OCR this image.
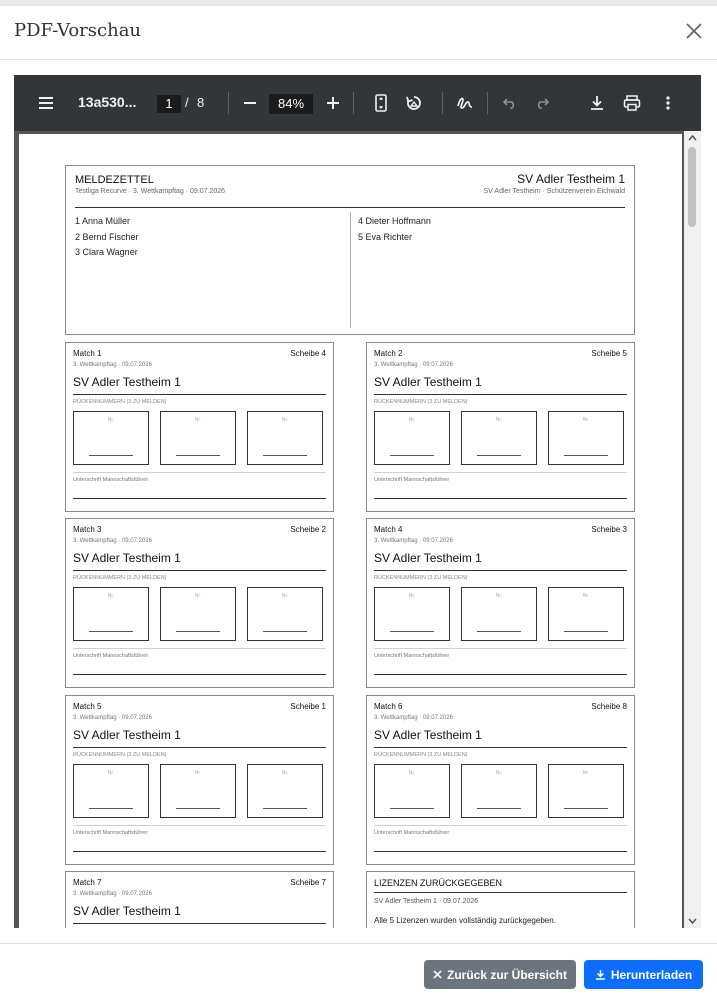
PDF-Vorschau
13a530...	1 / 8	84%
MELDEZETTEL
Testliga Recurve · 3. Wettkampftag · 09.07.2026
SV Adler Testheim 1
SV Adler Testheim · Schützenverein Eichwald
1 Anna Müller
2 Bernd Fischer
3 Clara Wagner
4 Dieter Hoffmann
5 Eva Richter
Match 1	Scheibe 4
3. Wettkampftag · 09.07.2026
SV Adler Testheim 1
RÜCKENNUMMERN (3 ZU MELDEN)
Nr.	Nr.	Nr.
Unterschrift Mannschaftsführer
Match 2	Scheibe 5
3. Wettkampftag · 09.07.2026
SV Adler Testheim 1
RÜCKENNUMMERN (3 ZU MELDEN)
Nr.	Nr.	Nr.
Unterschrift Mannschaftsführer
Match 3	Scheibe 2
3. Wettkampftag · 09.07.2026
SV Adler Testheim 1
RÜCKENNUMMERN (3 ZU MELDEN)
Nr.	Nr.	Nr.
Unterschrift Mannschaftsführer
Match 4	Scheibe 3
3. Wettkampftag · 09.07.2026
SV Adler Testheim 1
RÜCKENNUMMERN (3 ZU MELDEN)
Nr.	Nr.	Nr.
Unterschrift Mannschaftsführer
Match 5	Scheibe 1
3. Wettkampftag · 09.07.2026
SV Adler Testheim 1
RÜCKENNUMMERN (3 ZU MELDEN)
Nr.	Nr.	Nr.
Unterschrift Mannschaftsführer
Match 6	Scheibe 8
3. Wettkampftag · 09.07.2026
SV Adler Testheim 1
RÜCKENNUMMERN (3 ZU MELDEN)
Nr.	Nr.	Nr.
Unterschrift Mannschaftsführer
Match 7	Scheibe 7
3. Wettkampftag · 09.07.2026
SV Adler Testheim 1
LIZENZEN ZURÜCKGEGEBEN
SV Adler Testheim 1 · 09.07.2026
Alle 5 Lizenzen wurden vollständig zurückgegeben.
Zurück zur Übersicht	Herunterladen
